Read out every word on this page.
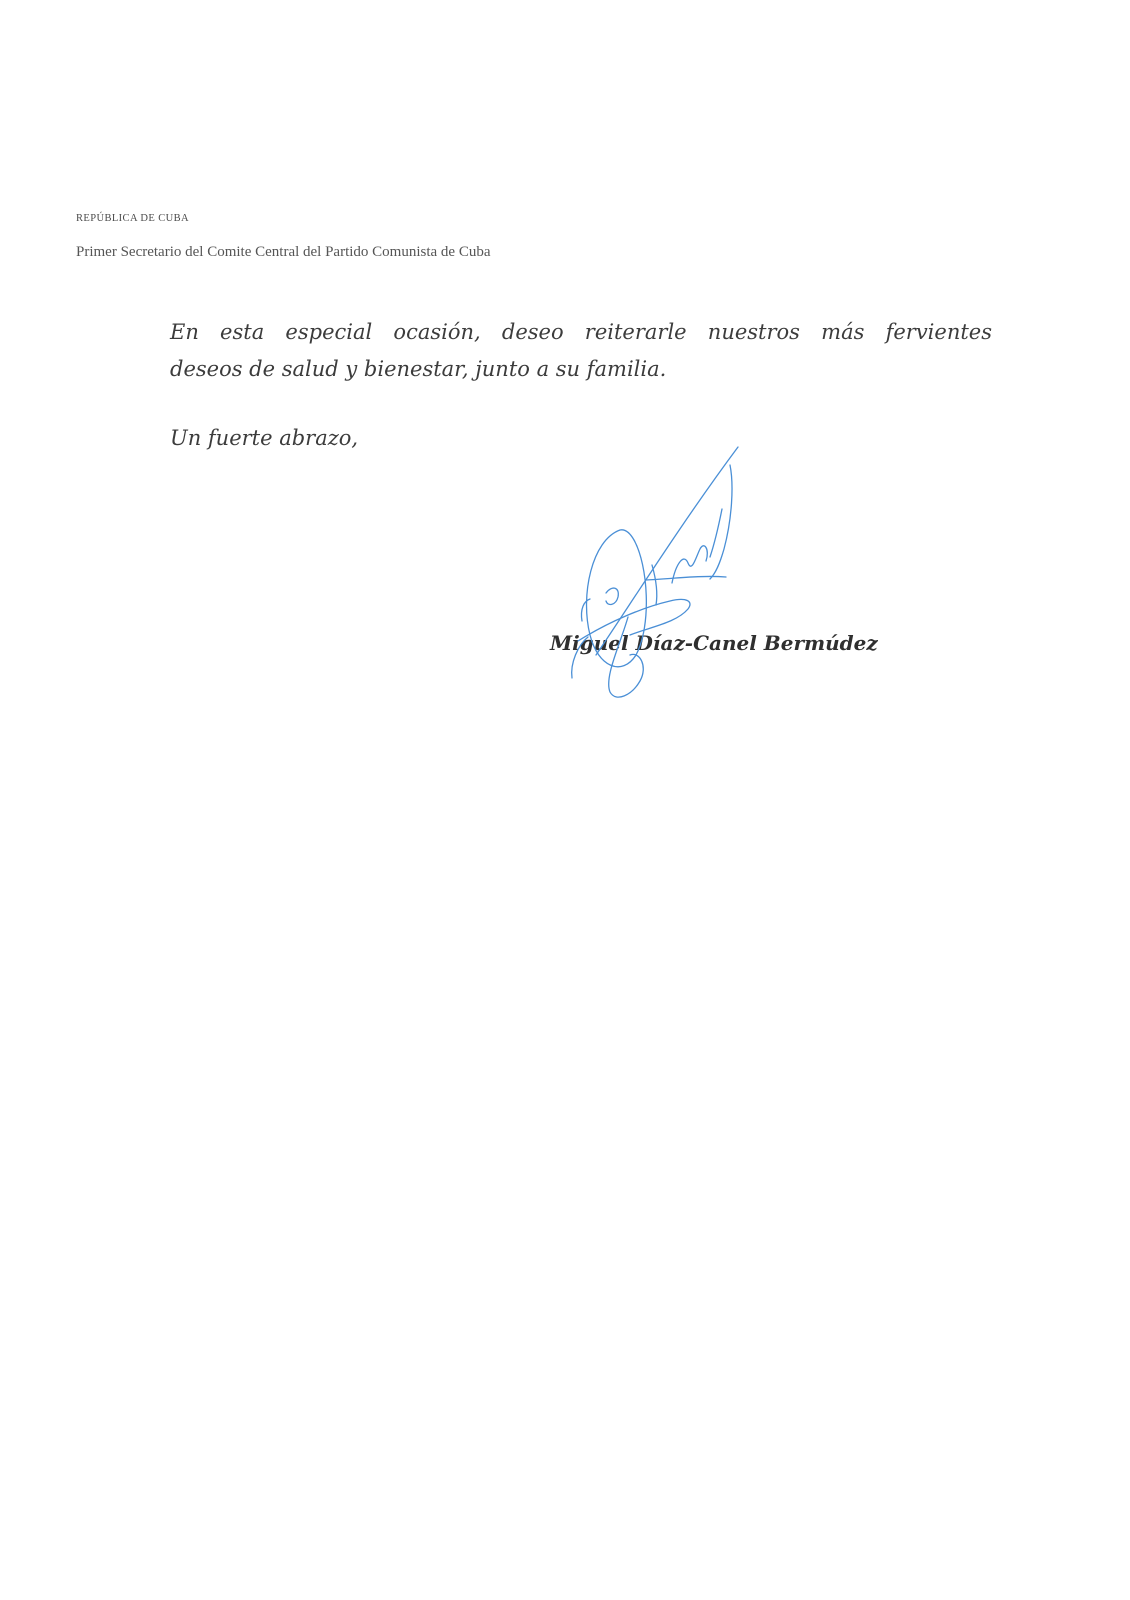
REPÚBLICA DE CUBA
Primer Secretario del Comite Central del Partido Comunista de Cuba
En esta especial ocasión, deseo reiterarle nuestros más fervientes
deseos de salud y bienestar, junto a su familia.
Un fuerte abrazo,
Miguel Díaz-Canel Bermúdez
